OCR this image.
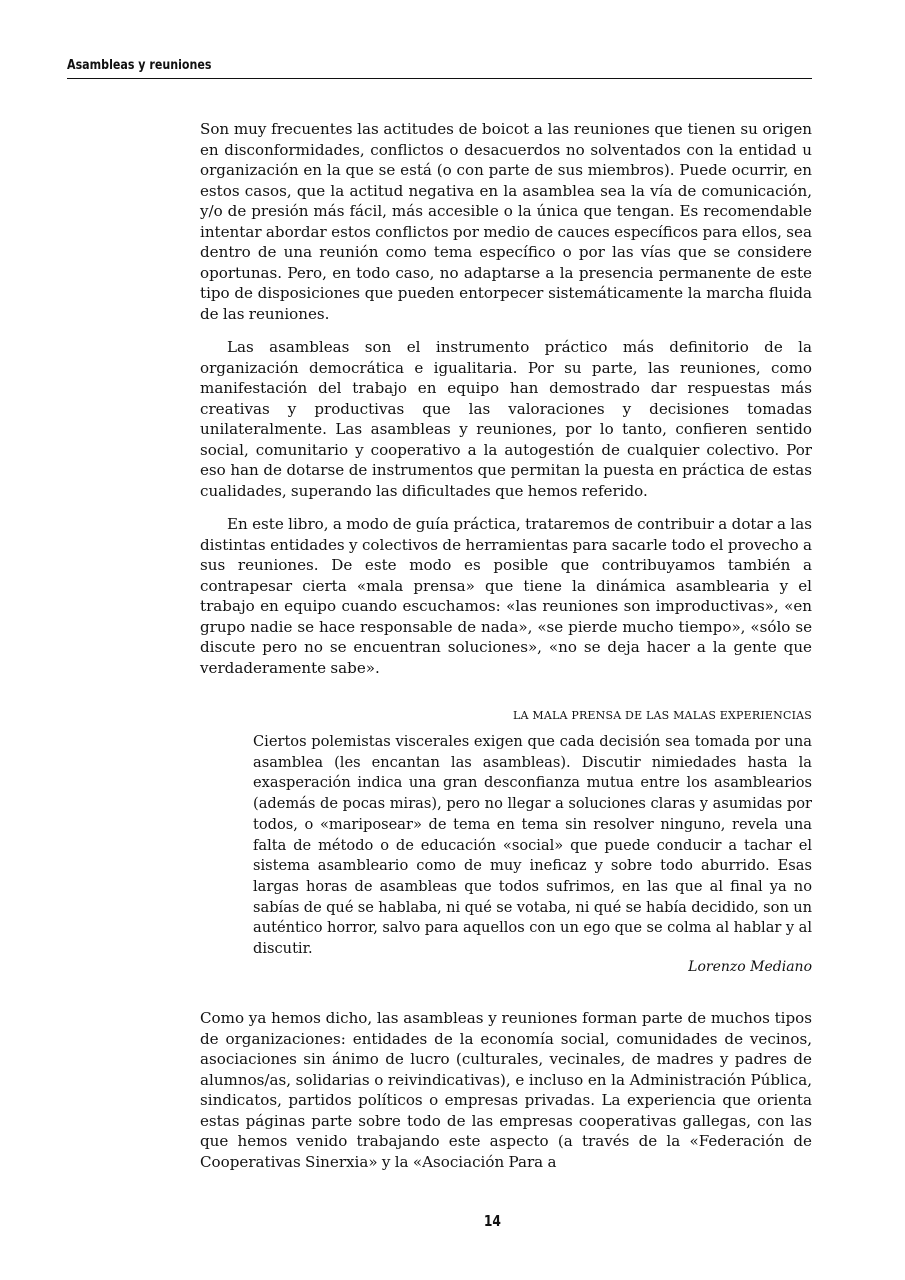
Asambleas y reuniones

Son muy frecuentes las actitudes de boicot a las reuniones que tienen su origen en disconformidades, conflictos o desacuerdos no solventados con la entidad u organización en la que se está (o con parte de sus miembros). Puede ocurrir, en estos casos, que la actitud negativa en la asamblea sea la vía de comunicación, y/o de presión más fácil, más accesible o la única que tengan. Es recomendable intentar abordar estos conflictos por medio de cauces específicos para ellos, sea dentro de una reunión como tema específico o por las vías que se considere oportunas. Pero, en todo caso, no adaptarse a la presencia permanente de este tipo de disposiciones que pueden entorpecer sistemáticamente la marcha fluida de las reuniones.

Las asambleas son el instrumento práctico más definitorio de la organización democrática e igualitaria. Por su parte, las reuniones, como manifestación del trabajo en equipo han demostrado dar respuestas más creativas y productivas que las valoraciones y decisiones tomadas unilateralmente. Las asambleas y reuniones, por lo tanto, confieren sentido social, comunitario y cooperativo a la autogestión de cualquier colectivo. Por eso han de dotarse de instrumentos que permitan la puesta en práctica de estas cualidades, superando las dificultades que hemos referido.

En este libro, a modo de guía práctica, trataremos de contribuir a dotar a las distintas entidades y colectivos de herramientas para sacarle todo el provecho a sus reuniones. De este modo es posible que contribuyamos también a contrapesar cierta «mala prensa» que tiene la dinámica asamblearia y el trabajo en equipo cuando escuchamos: «las reuniones son improductivas», «en grupo nadie se hace responsable de nada», «se pierde mucho tiempo», «sólo se discute pero no se encuentran soluciones», «no se deja hacer a la gente que verdaderamente sabe».

LA MALA PRENSA DE LAS MALAS EXPERIENCIAS

Ciertos polemistas viscerales exigen que cada decisión sea tomada por una asamblea (les encantan las asambleas). Discutir nimiedades hasta la exasperación indica una gran desconfianza mutua entre los asamblearios (además de pocas miras), pero no llegar a soluciones claras y asumidas por todos, o «mariposear» de tema en tema sin resolver ninguno, revela una falta de método o de educación «social» que puede conducir a tachar el sistema asambleario como de muy ineficaz y sobre todo aburrido. Esas largas horas de asambleas que todos sufrimos, en las que al final ya no sabías de qué se hablaba, ni qué se votaba, ni qué se había decidido, son un auténtico horror, salvo para aquellos con un ego que se colma al hablar y al discutir.

Lorenzo Mediano

Como ya hemos dicho, las asambleas y reuniones forman parte de muchos tipos de organizaciones: entidades de la economía social, comunidades de vecinos, asociaciones sin ánimo de lucro (culturales, vecinales, de madres y padres de alumnos/as, solidarias o reivindicativas), e incluso en la Administración Pública, sindicatos, partidos políticos o empresas privadas. La experiencia que orienta estas páginas parte sobre todo de las empresas cooperativas gallegas, con las que hemos venido trabajando este aspecto (a través de la «Federación de Cooperativas Sinerxia» y la «Asociación Para a

14
